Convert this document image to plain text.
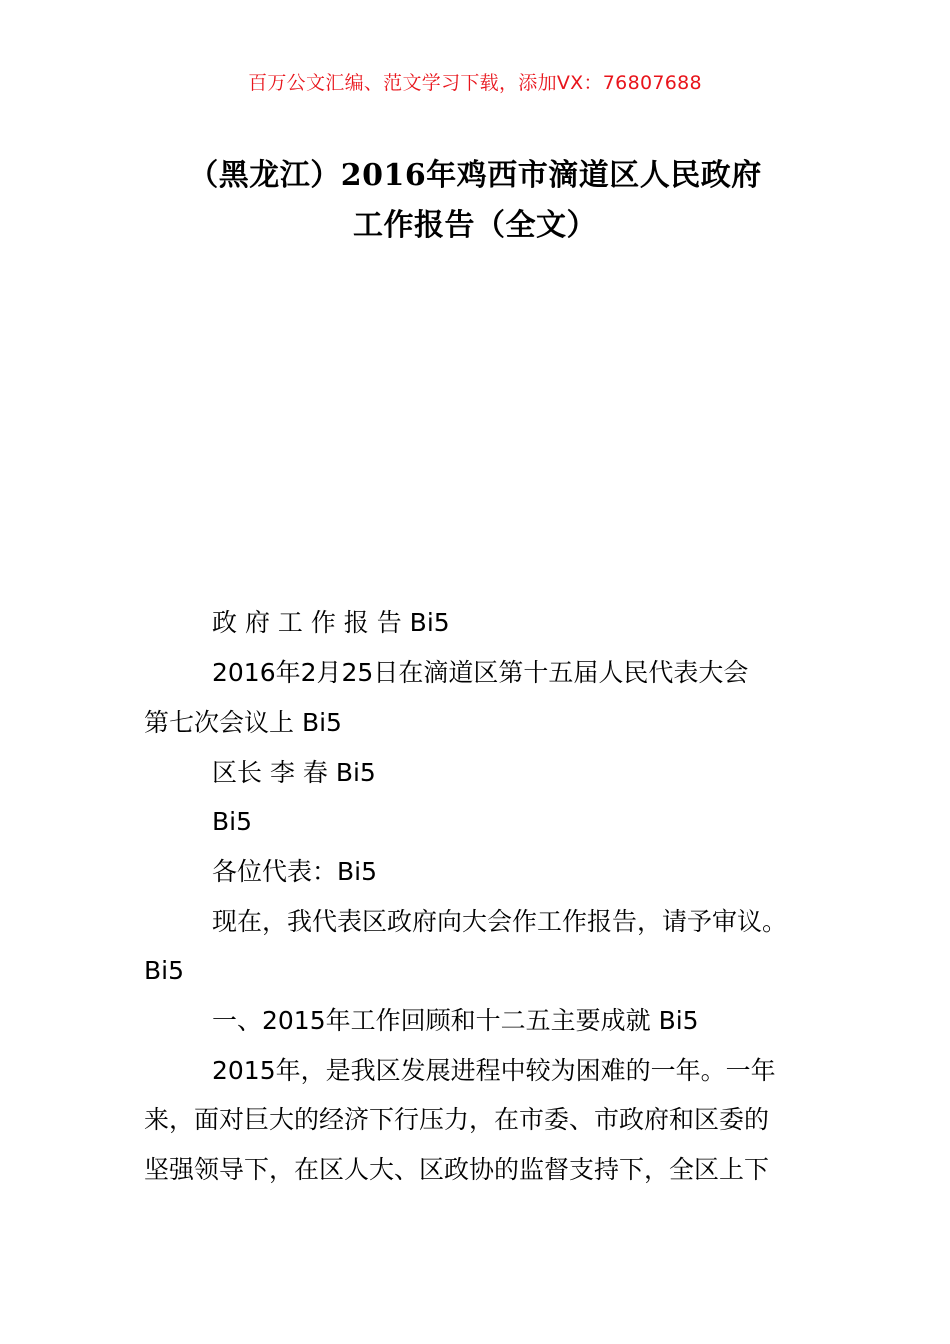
百万公文汇编、范文学习下载，添加VX：76807688
（黑龙江）2016年鸡西市滴道区人民政府
工作报告（全文）
政 府 工 作 报 告 Bi5
2016年2月25日在滴道区第十五届人民代表大会
第七次会议上 Bi5
区长 李 春 Bi5
Bi5
各位代表：Bi5
现在，我代表区政府向大会作工作报告，请予审议。
Bi5
一、2015年工作回顾和十二五主要成就 Bi5
2015年，是我区发展进程中较为困难的一年。一年
来，面对巨大的经济下行压力，在市委、市政府和区委的
坚强领导下，在区人大、区政协的监督支持下，全区上下
